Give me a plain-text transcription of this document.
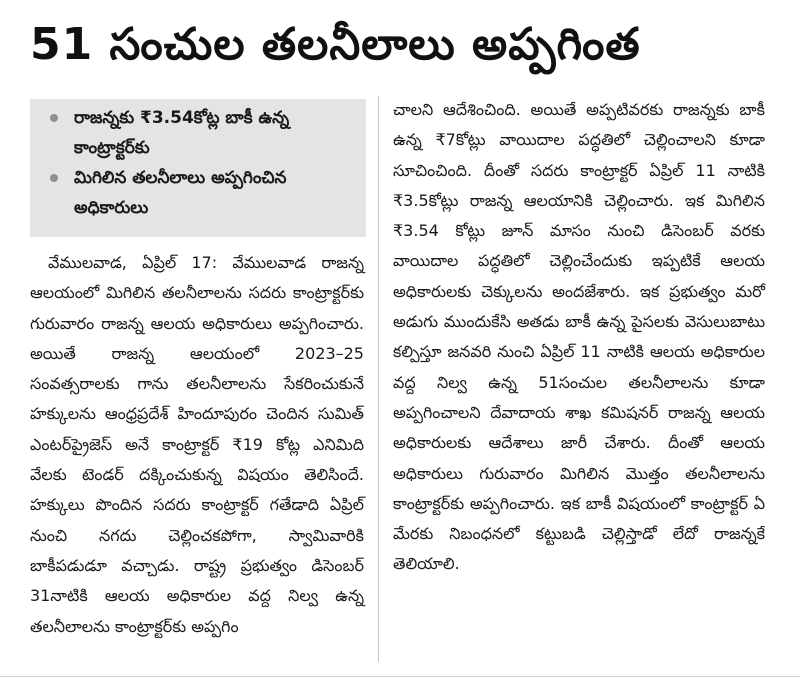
51 సంచుల తలనీలాలు అప్పగింత
రాజన్నకు ₹3.54కోట్ల బాకీ ఉన్న కాంట్రాక్టర్‌కు
మిగిలిన తలనీలాలు అప్పగించిన అధికారులు

వేములవాడ, ఏప్రిల్ 17: వేములవాడ రాజన్న ఆలయంలో మిగిలిన తలనీలాలను సదరు కాంట్రాక్టర్‌కు గురువారం రాజన్న ఆలయ అధికారులు అప్పగించారు. అయితే రాజన్న ఆలయంలో 2023–25 సంవత్సరాలకు గాను తలనీలాలను సేకరించుకునే హక్కులను ఆంధ్రప్రదేశ్ హిందూపురం చెందిన సుమిత్ ఎంటర్‌ప్రైజెస్ అనే కాంట్రాక్టర్ ₹19 కోట్ల ఎనిమిది వేలకు టెండర్ దక్కించుకున్న విషయం తెలిసిందే. హక్కులు పొందిన సదరు కాంట్రాక్టర్ గతేడాది ఏప్రిల్ నుంచి నగదు చెల్లించకపోగా, స్వామివారికి బాకీపడుడూ వచ్చాడు. రాష్ట్ర ప్రభుత్వం డిసెంబర్ 31నాటికి ఆలయ అధికారుల వద్ద నిల్వ ఉన్న తలనీలాలను కాంట్రాక్టర్‌కు అప్పగిం

చాలని ఆదేశించింది. అయితే అప్పటివరకు రాజన్నకు బాకీ ఉన్న ₹7కోట్లు వాయిదాల పద్ధతిలో చెల్లించాలని కూడా సూచించింది. దీంతో సదరు కాంట్రాక్టర్ ఏప్రిల్ 11 నాటికి ₹3.5కోట్లు రాజన్న ఆలయానికి చెల్లించారు. ఇక మిగిలిన ₹3.54 కోట్లు జూన్ మాసం నుంచి డిసెంబర్ వరకు వాయిదాల పద్ధతిలో చెల్లించేందుకు ఇప్పటికే ఆలయ అధికారులకు చెక్కులను అందజేశారు. ఇక ప్రభుత్వం మరో అడుగు ముందుకేసి అతడు బాకీ ఉన్న పైసలకు వెసులుబాటు కల్పిస్తూ జనవరి నుంచి ఏప్రిల్ 11 నాటికి ఆలయ అధికారుల వద్ద నిల్వ ఉన్న 51సంచుల తలనీలాలను కూడా అప్పగించాలని దేవాదాయ శాఖ కమిషనర్ రాజన్న ఆలయ అధికారులకు ఆదేశాలు జారీ చేశారు. దీంతో ఆలయ అధికారులు గురువారం మిగిలిన మొత్తం తలనీలాలను కాంట్రాక్టర్‌కు అప్పగించారు. ఇక బాకీ విషయంలో కాంట్రాక్టర్ ఏ మేరకు నిబంధనలో కట్టుబడి చెల్లిస్తాడో లేదో రాజన్నకే తెలియాలి.
